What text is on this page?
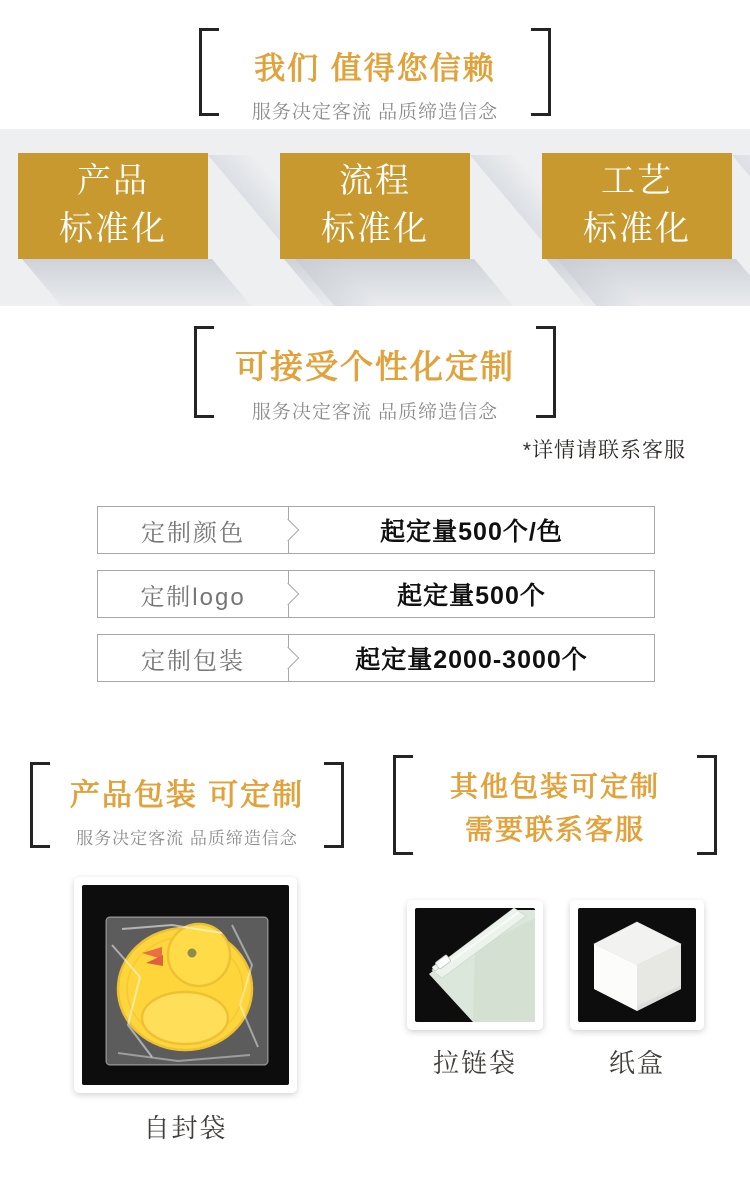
我们 值得您信赖
服务决定客流 品质缔造信念
产品
标准化
流程
标准化
工艺
标准化
可接受个性化定制
服务决定客流 品质缔造信念
*详情请联系客服
定制颜色	起定量500个/色
定制logo	起定量500个
定制包装	起定量2000-3000个
产品包装 可定制
服务决定客流 品质缔造信念
自封袋
其他包装可定制
需要联系客服
拉链袋	纸盒
